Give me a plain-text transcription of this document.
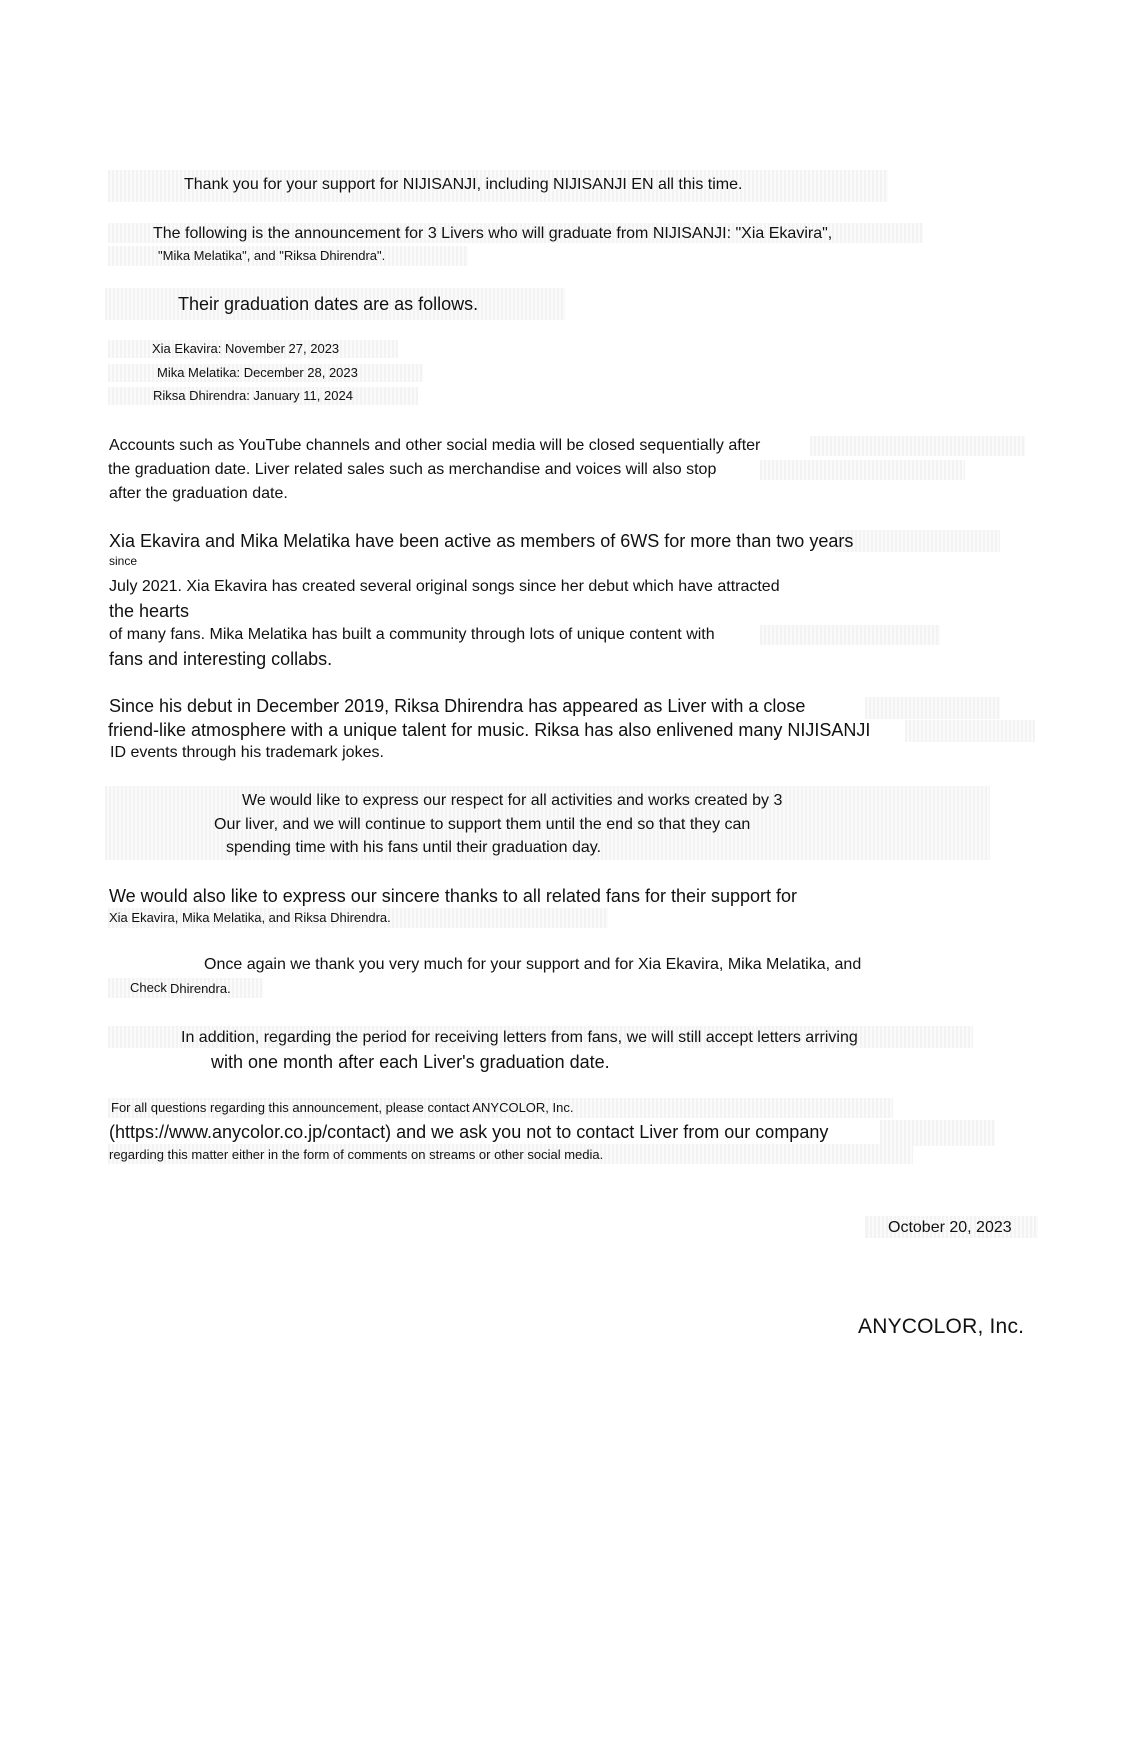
Thank you for your support for NIJISANJI, including NIJISANJI EN all this time.
The following is the announcement for 3 Livers who will graduate from NIJISANJI: "Xia Ekavira",
"Mika Melatika", and "Riksa Dhirendra".
Their graduation dates are as follows.
Xia Ekavira: November 27, 2023
Mika Melatika: December 28, 2023
Riksa Dhirendra: January 11, 2024
Accounts such as YouTube channels and other social media will be closed sequentially after
the graduation date. Liver related sales such as merchandise and voices will also stop
after the graduation date.
Xia Ekavira and Mika Melatika have been active as members of 6WS for more than two years
since
July 2021. Xia Ekavira has created several original songs since her debut which have attracted
the hearts
of many fans. Mika Melatika has built a community through lots of unique content with
fans and interesting collabs.
Since his debut in December 2019, Riksa Dhirendra has appeared as Liver with a close
friend-like atmosphere with a unique talent for music. Riksa has also enlivened many NIJISANJI
ID events through his trademark jokes.
We would like to express our respect for all activities and works created by 3
Our liver, and we will continue to support them until the end so that they can
spending time with his fans until their graduation day.
We would also like to express our sincere thanks to all related fans for their support for
Xia Ekavira, Mika Melatika, and Riksa Dhirendra.
Once again we thank you very much for your support and for Xia Ekavira, Mika Melatika, and
Check Dhirendra.
In addition, regarding the period for receiving letters from fans, we will still accept letters arriving
with one month after each Liver's graduation date.
For all questions regarding this announcement, please contact ANYCOLOR, Inc.
(https://www.anycolor.co.jp/contact) and we ask you not to contact Liver from our company
regarding this matter either in the form of comments on streams or other social media.
October 20, 2023
ANYCOLOR, Inc.
